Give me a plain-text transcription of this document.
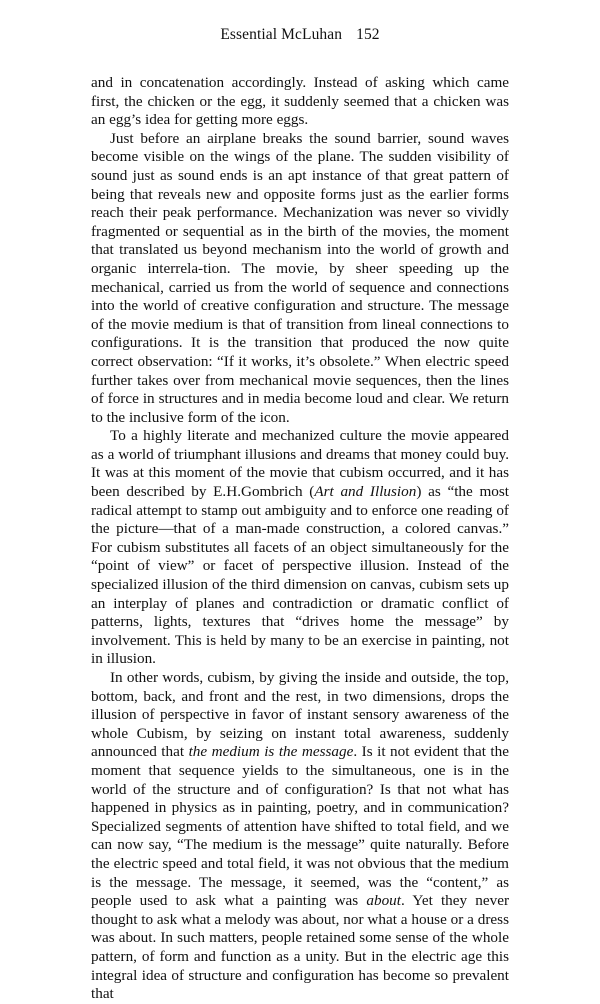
Essential McLuhan 152

and in concatenation accordingly. Instead of asking which came first, the chicken or the egg, it suddenly seemed that a chicken was an egg’s idea for getting more eggs.

Just before an airplane breaks the sound barrier, sound waves become visible on the wings of the plane. The sudden visibility of sound just as sound ends is an apt instance of that great pattern of being that reveals new and opposite forms just as the earlier forms reach their peak performance. Mechanization was never so vividly fragmented or sequential as in the birth of the movies, the moment that translated us beyond mechanism into the world of growth and organic interrela-tion. The movie, by sheer speeding up the mechanical, carried us from the world of sequence and connections into the world of creative configuration and structure. The message of the movie medium is that of transition from lineal connections to configurations. It is the transition that produced the now quite correct observation: “If it works, it’s obsolete.” When electric speed further takes over from mechanical movie sequences, then the lines of force in structures and in media become loud and clear. We return to the inclusive form of the icon.

To a highly literate and mechanized culture the movie appeared as a world of triumphant illusions and dreams that money could buy. It was at this moment of the movie that cubism occurred, and it has been described by E.H.Gombrich (Art and Illusion) as “the most radical attempt to stamp out ambiguity and to enforce one reading of the picture—that of a man-made construction, a colored canvas.” For cubism substitutes all facets of an object simultaneously for the “point of view” or facet of perspective illusion. Instead of the specialized illusion of the third dimension on canvas, cubism sets up an interplay of planes and contradiction or dramatic conflict of patterns, lights, textures that “drives home the message” by involvement. This is held by many to be an exercise in painting, not in illusion.

In other words, cubism, by giving the inside and outside, the top, bottom, back, and front and the rest, in two dimensions, drops the illusion of perspective in favor of instant sensory awareness of the whole Cubism, by seizing on instant total awareness, suddenly announced that the medium is the message. Is it not evident that the moment that sequence yields to the simultaneous, one is in the world of the structure and of configuration? Is that not what has happened in physics as in painting, poetry, and in communication? Specialized segments of attention have shifted to total field, and we can now say, “The medium is the message” quite naturally. Before the electric speed and total field, it was not obvious that the medium is the message. The message, it seemed, was the “content,” as people used to ask what a painting was about. Yet they never thought to ask what a melody was about, nor what a house or a dress was about. In such matters, people retained some sense of the whole pattern, of form and function as a unity. But in the electric age this integral idea of structure and configuration has become so prevalent that
